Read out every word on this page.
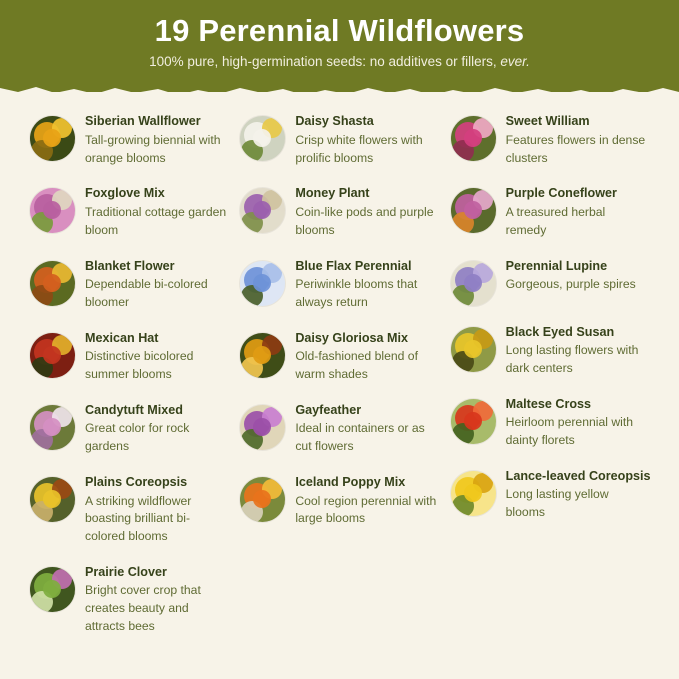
19 Perennial Wildflowers

100% pure, high-germination seeds: no additives or fillers, ever.

Siberian Wallflower

Tall-growing biennial with orange blooms

Foxglove Mix

Traditional cottage garden bloom

Blanket Flower

Dependable bi-colored bloomer

Mexican Hat

Distinctive bicolored summer blooms

Candytuft Mixed

Great color for rock gardens

Plains Coreopsis

A striking wildflower boasting brilliant bi-colored blooms

Prairie Clover

Bright cover crop that creates beauty and attracts bees

Daisy Shasta

Crisp white flowers with prolific blooms

Money Plant

Coin-like pods and purple blooms

Blue Flax Perennial

Periwinkle blooms that always return

Daisy Gloriosa Mix

Old-fashioned blend of warm shades

Gayfeather

Ideal in containers or as cut flowers

Iceland Poppy Mix

Cool region perennial with large blooms

Sweet William

Features flowers in dense clusters

Purple Coneflower

A treasured herbal remedy

Perennial Lupine

Gorgeous, purple spires

Black Eyed Susan

Long lasting flowers with dark centers

Maltese Cross

Heirloom perennial with dainty florets

Lance-leaved Coreopsis

Long lasting yellow blooms
